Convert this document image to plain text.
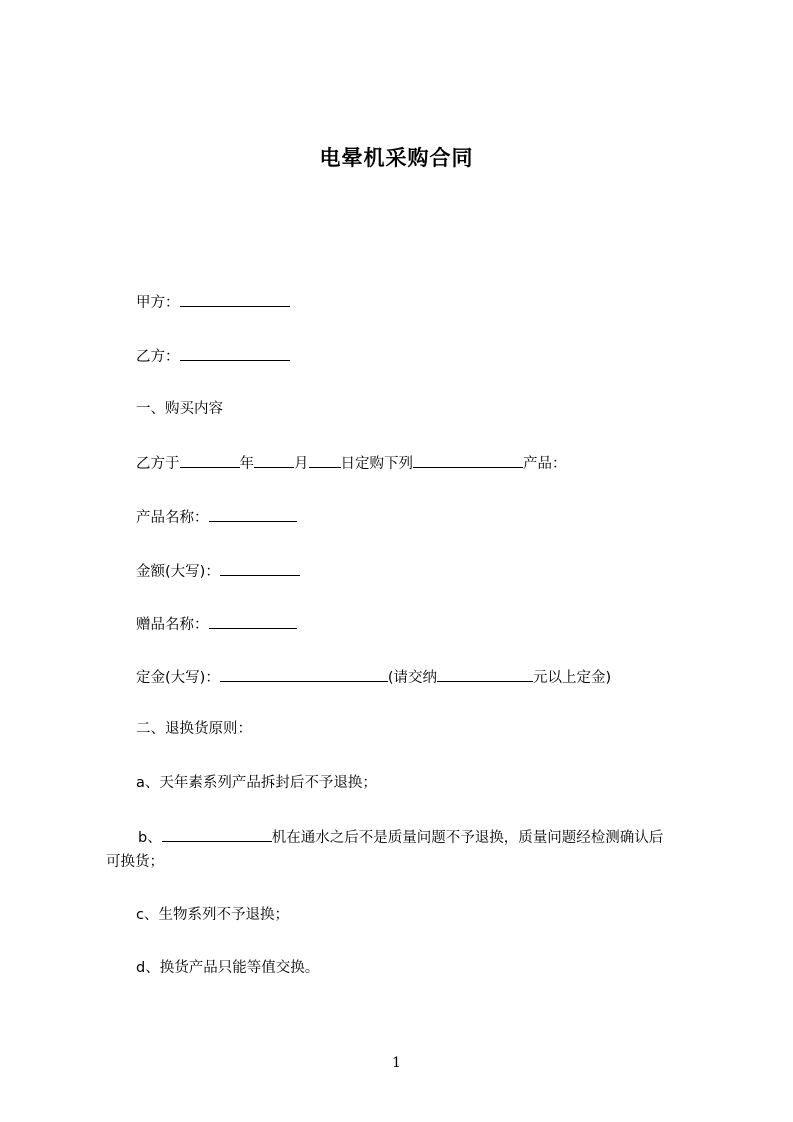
电晕机采购合同
甲方：
乙方：
一、购买内容
乙方于	年	月 日定购下列	产品：
产品名称：
金额(大写)：
赠品名称：
定金(大写)：	(请交纳	元以上定金)
二、退换货原则：
a、天年素系列产品拆封后不予退换；
b、	机在通水之后不是质量问题不予退换，质量问题经检测确认后
可换货；
c、生物系列不予退换；
d、换货产品只能等值交换。
1
